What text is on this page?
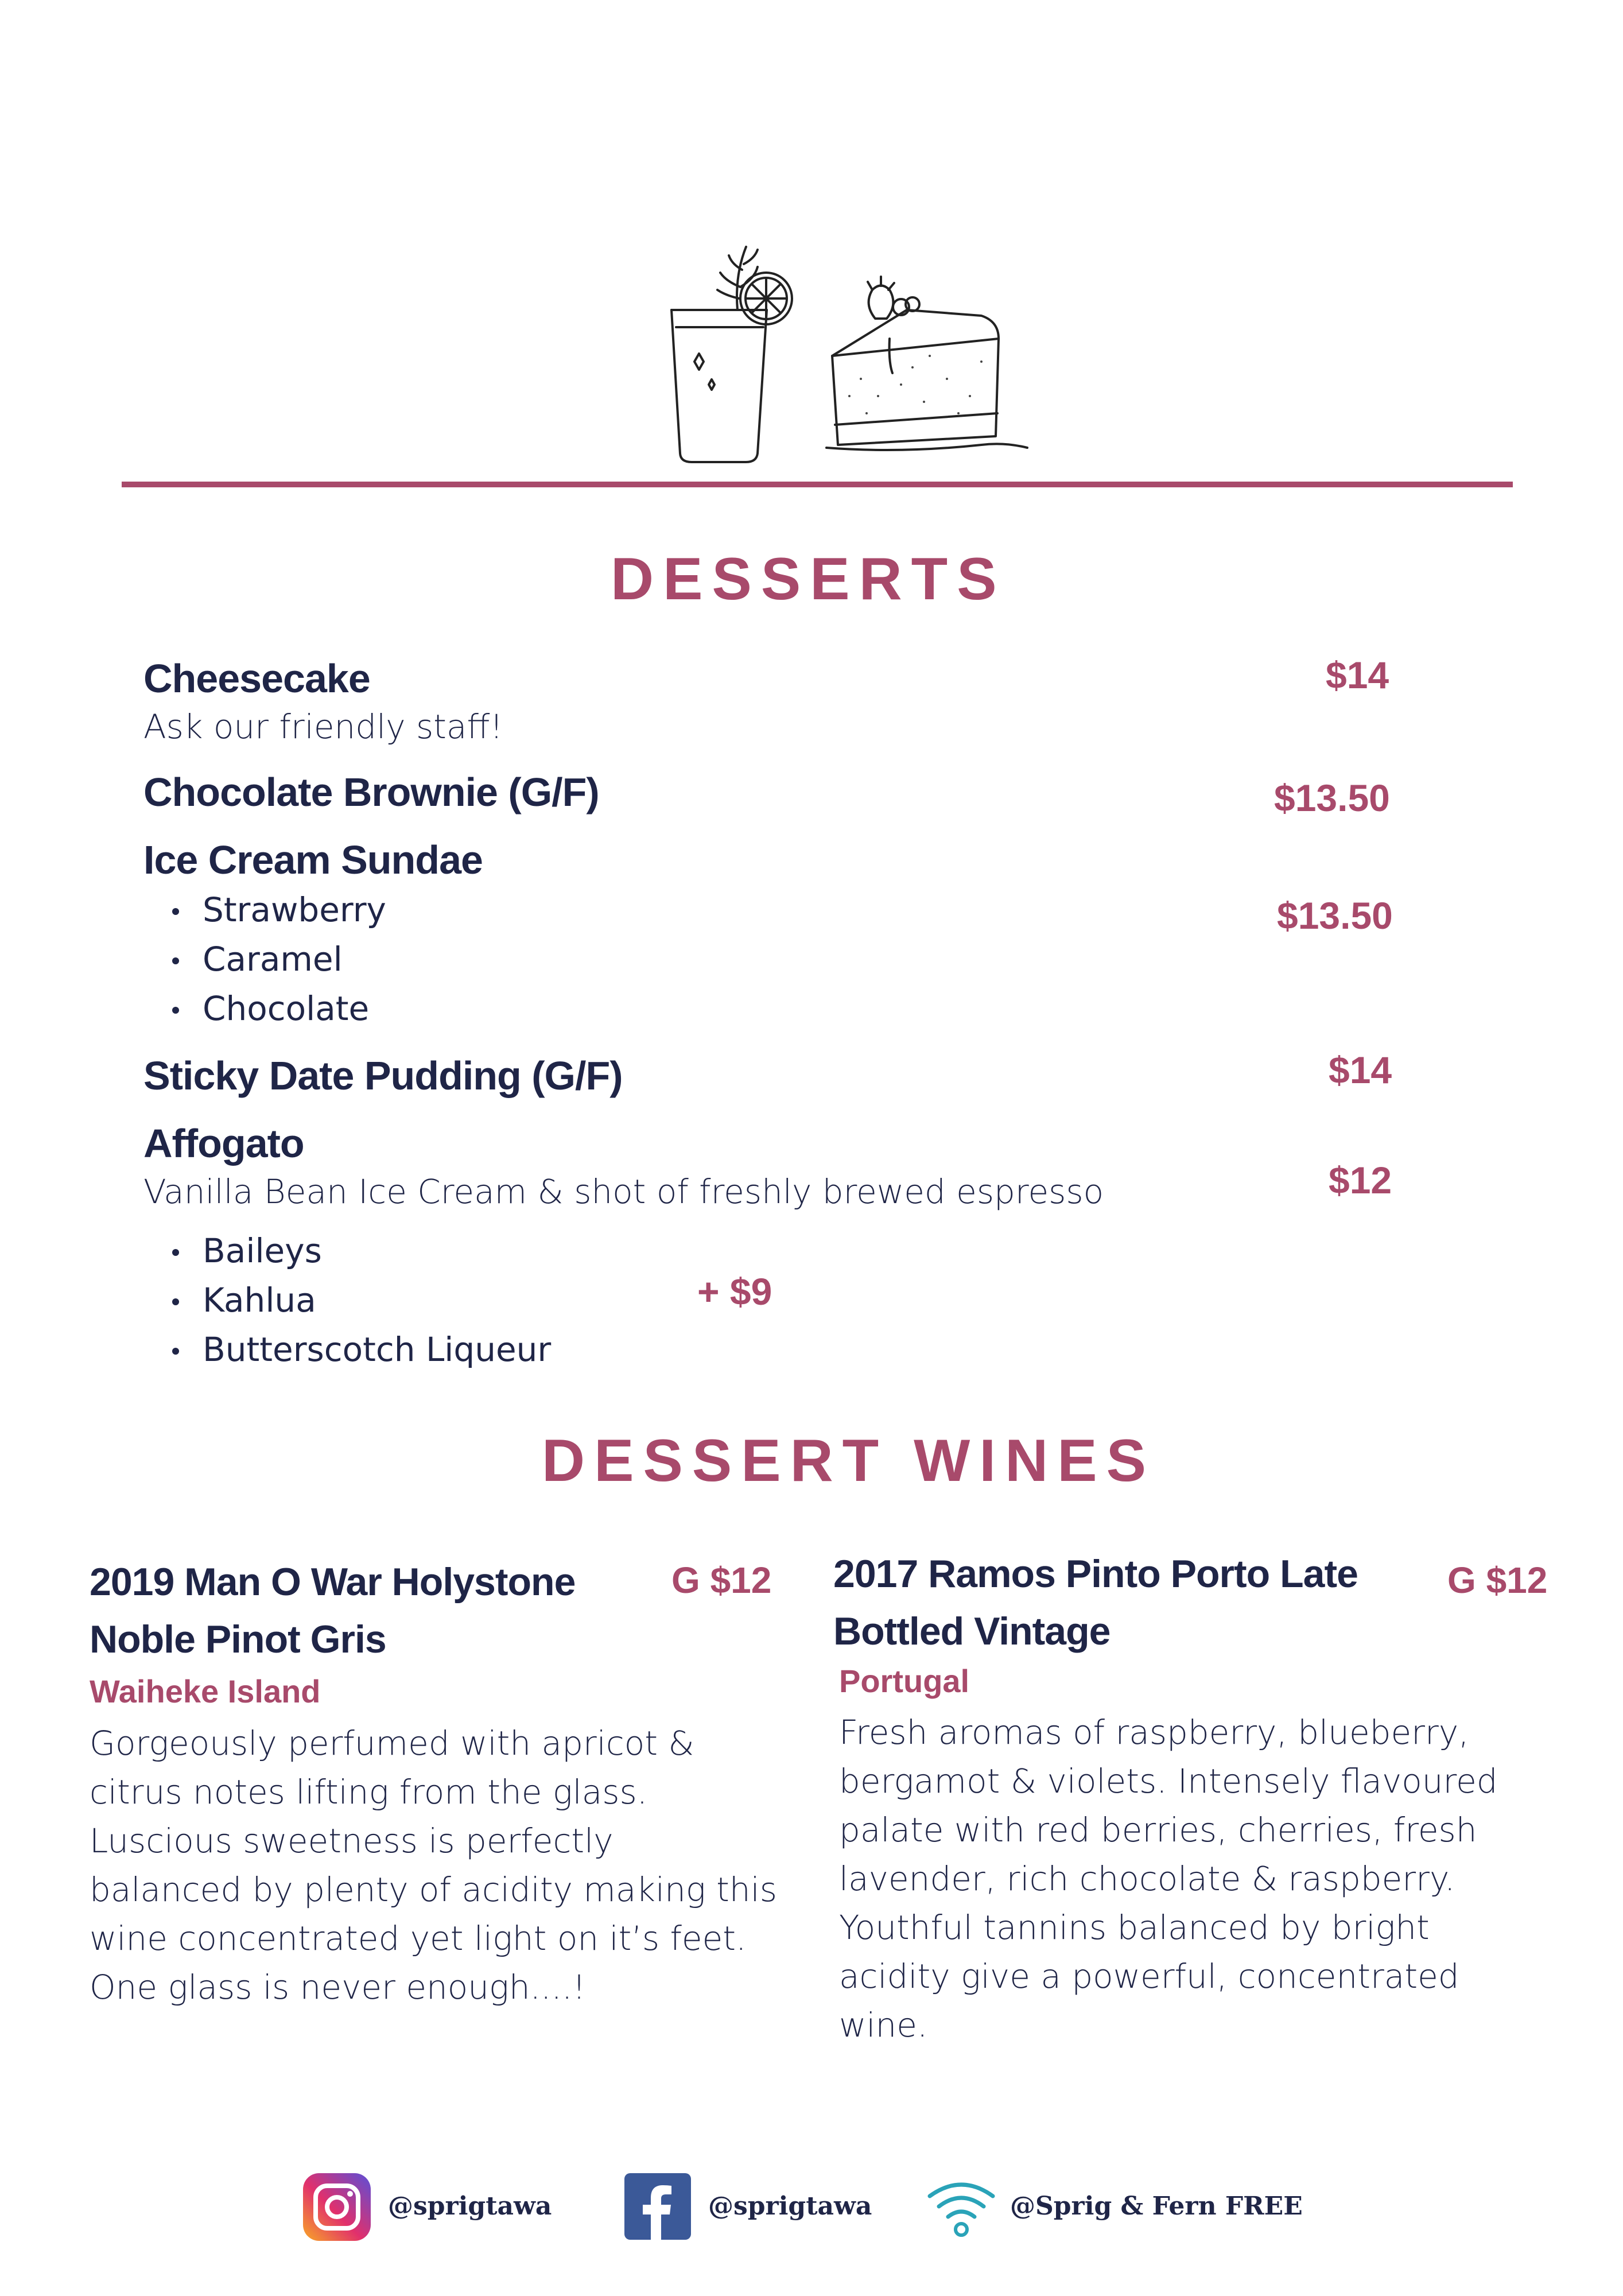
DESSERTS
Cheesecake
Ask our friendly staff!
$14
Chocolate Brownie (G/F)	$13.50
Ice Cream Sundae
Strawberry
Caramel
Chocolate
$13.50
Sticky Date Pudding (G/F)	$14
Affogato
Vanilla Bean Ice Cream & shot of freshly brewed espresso	$12
Baileys
Kahlua
Butterscotch Liqueur
+ $9
DESSERT WINES
2019 Man O War Holystone
Noble Pinot Gris
G $12
Waiheke Island
Gorgeously perfumed with apricot &
citrus notes lifting from the glass.
Luscious sweetness is perfectly
balanced by plenty of acidity making this
wine concentrated yet light on it’s feet.
One glass is never enough....!
2017 Ramos Pinto Porto Late
Bottled Vintage
G $12
Portugal
Fresh aromas of raspberry, blueberry,
bergamot & violets. Intensely flavoured
palate with red berries, cherries, fresh
lavender, rich chocolate & raspberry.
Youthful tannins balanced by bright
acidity give a powerful, concentrated
wine.
@sprigtawa	@sprigtawa	@Sprig & Fern FREE
